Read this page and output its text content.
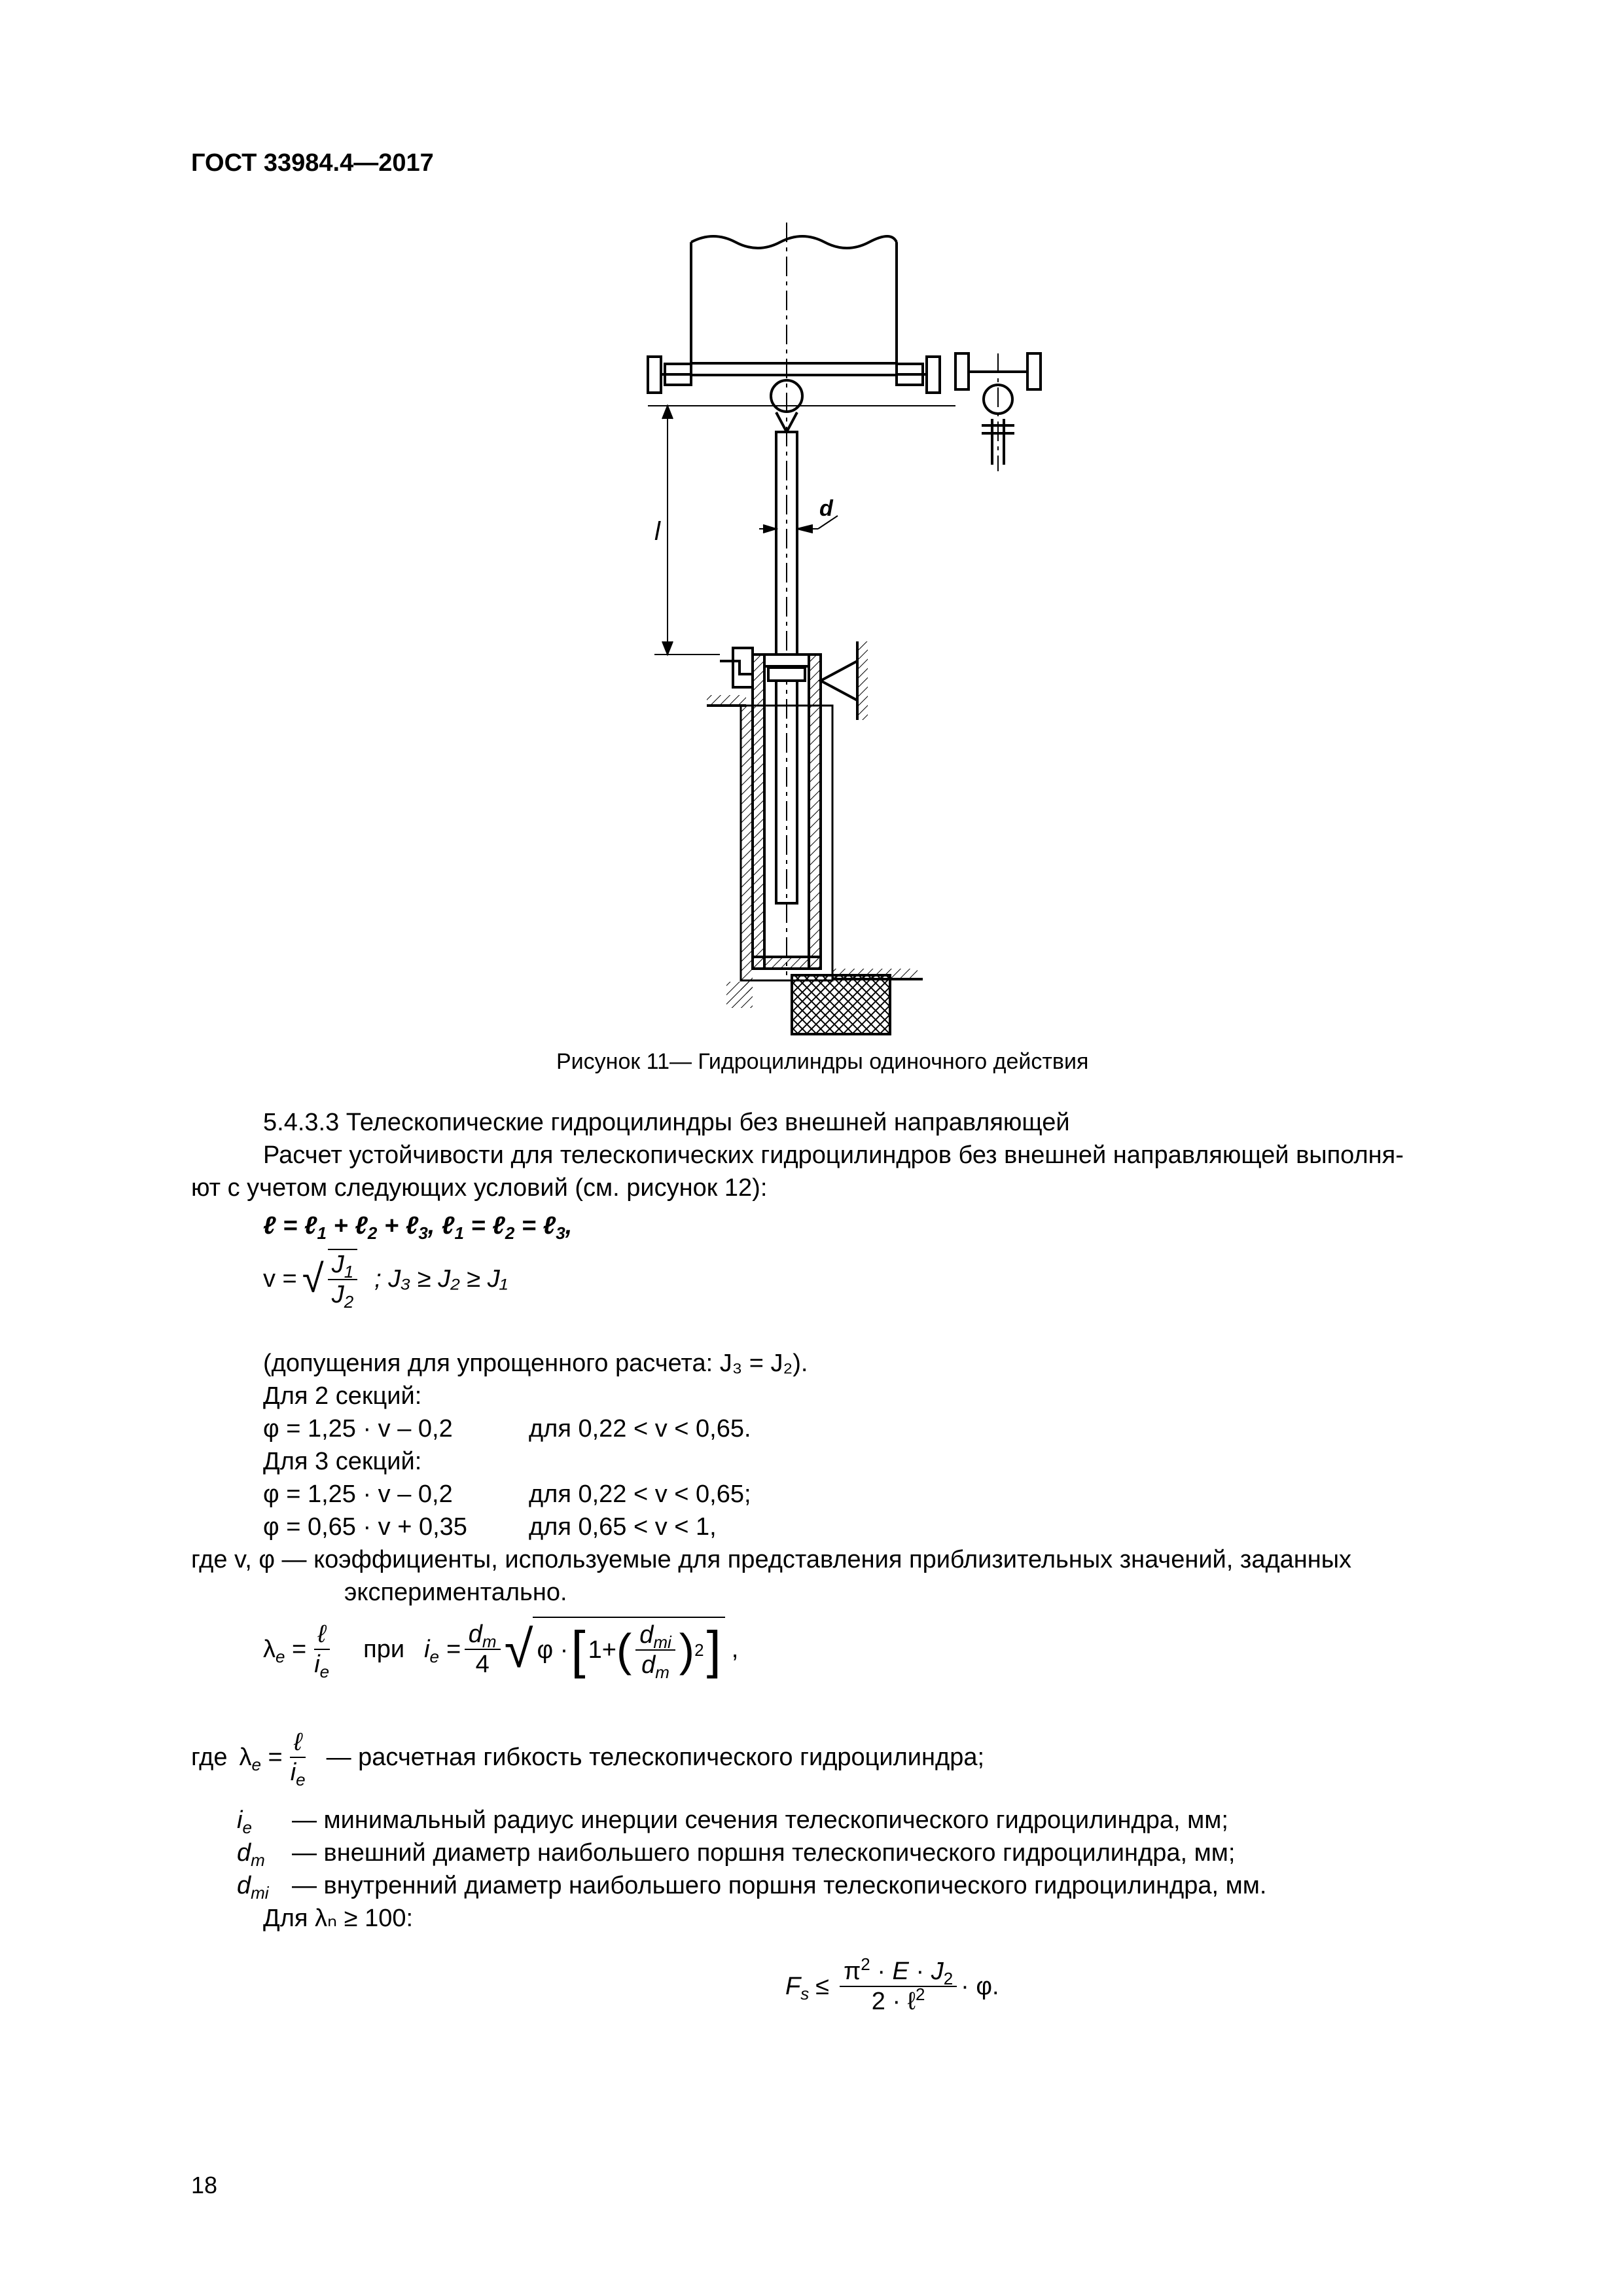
ГОСТ 33984.4—2017
l
d
Рисунок 11— Гидроцилиндры одиночного действия
5.4.3.3 Телескопические гидроцилиндры без внешней направляющей
Расчет устойчивости для телескопических гидроцилиндров без внешней направляющей выполня-
ют с учетом следующих условий (см. рисунок 12):
ℓ = ℓ$_1$ + ℓ$_2$ + ℓ$_3$, ℓ$_1$ = ℓ$_2$ = ℓ$_3$,
v = √ $\frac{J_1}{J_2}$ ; J₃ ≥ J₂ ≥ J₁
(допущения для упрощенного расчета: J₃ = J₂).
Для 2 секций:
φ = 1,25 · v – 0,2	для 0,22 < v < 0,65.
Для 3 секций:
φ = 1,25 · v – 0,2	для 0,22 < v < 0,65;
φ = 0,65 · v + 0,35 для 0,65 < v < 1,
где v, φ — коэффициенты, используемые для представления приблизительных значений, заданных
экспериментально.
$\lambda_e = \frac{\text{ℓ}}{i_e}$ при $i_e = \frac{d_m}{4}$ √ φ · [ 1+ ( $\frac{d_{mi}}{d_m}$ ) 2 ] ,
где $\lambda_e = \frac{\text{ℓ}}{i_e}$ — расчетная гибкость телескопического гидроцилиндра;
$i_e$ — минимальный радиус инерции сечения телескопического гидроцилиндра, мм;
$d_m$ — внешний диаметр наибольшего поршня телескопического гидроцилиндра, мм;
$d_{mi}$ — внутренний диаметр наибольшего поршня телескопического гидроцилиндра, мм.
Для λₙ ≥ 100:
$F_s \le \frac{\pi^2 \cdot E \cdot J_2}{2 \cdot \ell^2} \cdot \varphi$.
18
